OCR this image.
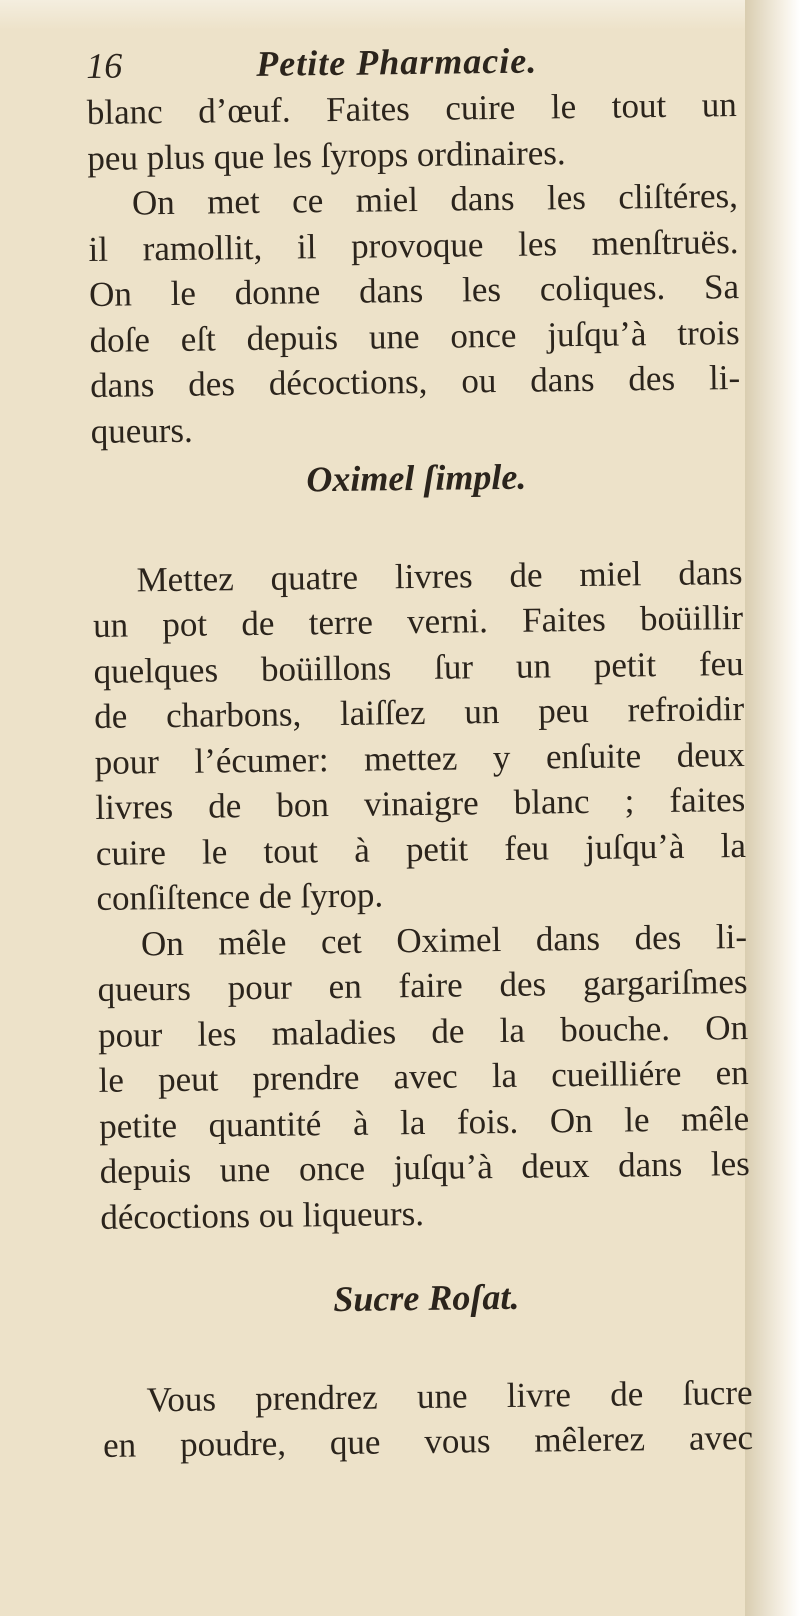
16	Petite Pharmacie.
blanc d’œuf. Faites cuire le tout un
peu plus que les ſyrops ordinaires.
On met ce miel dans les cliſtéres,
il ramollit, il provoque les menſtruës.
On le donne dans les coliques. Sa
doſe eſt depuis une once juſqu’à trois
dans des décoctions, ou dans des li-
queurs.
Oximel ſimple.
Mettez quatre livres de miel dans
un pot de terre verni. Faites boüillir
quelques boüillons ſur un petit feu
de charbons, laiſſez un peu refroidir
pour l’écumer: mettez y enſuite deux
livres de bon vinaigre blanc ; faites
cuire le tout à petit feu juſqu’à la
conſiſtence de ſyrop.
On mêle cet Oximel dans des li-
queurs pour en faire des gargariſmes
pour les maladies de la bouche. On
le peut prendre avec la cueilliére en
petite quantité à la fois. On le mêle
depuis une once juſqu’à deux dans les
décoctions ou liqueurs.
Sucre Roſat.
Vous prendrez une livre de ſucre
en poudre, que vous mêlerez avec
